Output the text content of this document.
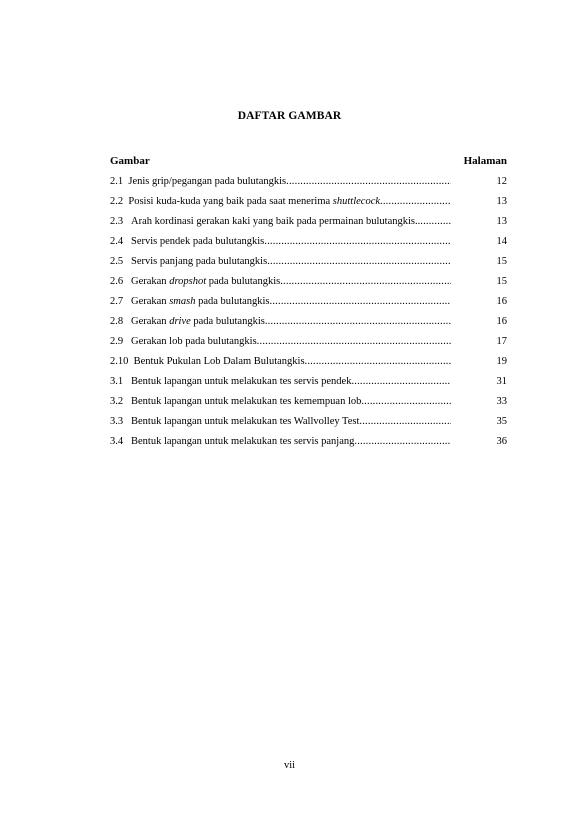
DAFTAR GAMBAR
Gambar	Halaman
2.1
Jenis grip/pegangan pada bulutangkis .....	12
2.2
Posisi kuda-kuda yang baik pada saat menerima shuttlecock .....	13
2.3
Arah kordinasi gerakan kaki yang baik pada permainan bulutangkis.. .....	13
2.4
Servis pendek pada bulutangkis .....	14
2.5
Servis panjang pada bulutangkis .....	15
2.6
Gerakan dropshot pada bulutangkis .....	15
2.7
Gerakan smash pada bulutangkis .....	16
2.8
Gerakan drive pada bulutangkis .....	16
2.9
Gerakan lob pada bulutangkis .....	17
2.10
Bentuk Pukulan Lob Dalam Bulutangkis .....	19
3.1
Bentuk lapangan untuk melakukan tes servis pendek .....	31
3.2
Bentuk lapangan untuk melakukan tes kemempuan lob .....	33
3.3
Bentuk lapangan untuk melakukan tes Wallvolley Test .....	35
3.4
Bentuk lapangan untuk melakukan tes servis panjang .....	36
vii
